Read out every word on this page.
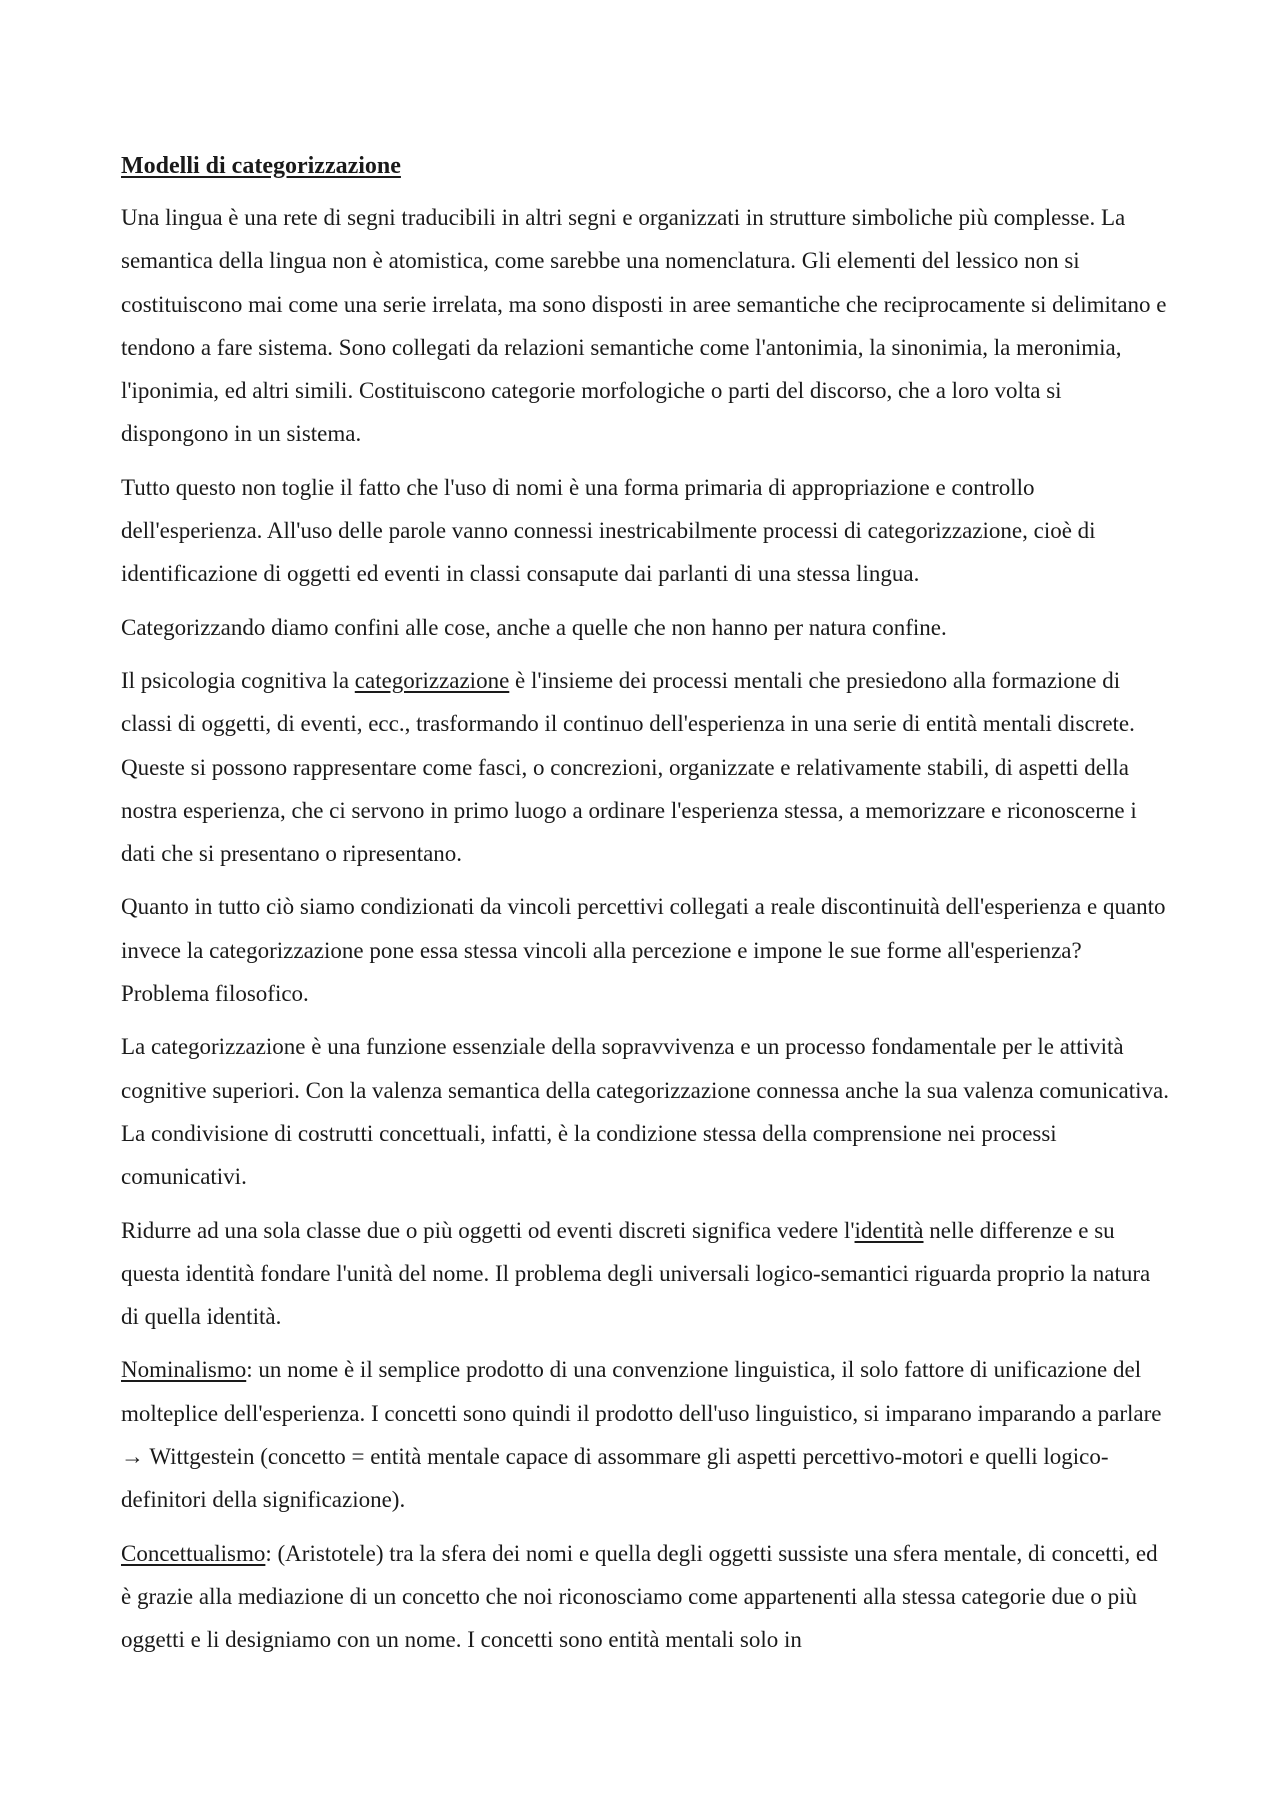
Modelli di categorizzazione

Una lingua è una rete di segni traducibili in altri segni e organizzati in strutture simboliche più complesse. La semantica della lingua non è atomistica, come sarebbe una nomenclatura. Gli elementi del lessico non si costituiscono mai come una serie irrelata, ma sono disposti in aree semantiche che reciprocamente si delimitano e tendono a fare sistema. Sono collegati da relazioni semantiche come l'antonimia, la sinonimia, la meronimia, l'iponimia, ed altri simili. Costituiscono categorie morfologiche o parti del discorso, che a loro volta si dispongono in un sistema.

Tutto questo non toglie il fatto che l'uso di nomi è una forma primaria di appropriazione e controllo dell'esperienza. All'uso delle parole vanno connessi inestricabilmente processi di categorizzazione, cioè di identificazione di oggetti ed eventi in classi consapute dai parlanti di una stessa lingua.

Categorizzando diamo confini alle cose, anche a quelle che non hanno per natura confine.

Il psicologia cognitiva la categorizzazione è l'insieme dei processi mentali che presiedono alla formazione di classi di oggetti, di eventi, ecc., trasformando il continuo dell'esperienza in una serie di entità mentali discrete. Queste si possono rappresentare come fasci, o concrezioni, organizzate e relativamente stabili, di aspetti della nostra esperienza, che ci servono in primo luogo a ordinare l'esperienza stessa, a memorizzare e riconoscerne i dati che si presentano o ripresentano.

Quanto in tutto ciò siamo condizionati da vincoli percettivi collegati a reale discontinuità dell'esperienza e quanto invece la categorizzazione pone essa stessa vincoli alla percezione e impone le sue forme all'esperienza? Problema filosofico.

La categorizzazione è una funzione essenziale della sopravvivenza e un processo fondamentale per le attività cognitive superiori. Con la valenza semantica della categorizzazione connessa anche la sua valenza comunicativa. La condivisione di costrutti concettuali, infatti, è la condizione stessa della comprensione nei processi comunicativi.

Ridurre ad una sola classe due o più oggetti od eventi discreti significa vedere l'identità nelle differenze e su questa identità fondare l'unità del nome. Il problema degli universali logico-semantici riguarda proprio la natura di quella identità.

Nominalismo: un nome è il semplice prodotto di una convenzione linguistica, il solo fattore di unificazione del molteplice dell'esperienza. I concetti sono quindi il prodotto dell'uso linguistico, si imparano imparando a parlare → Wittgestein (concetto = entità mentale capace di assommare gli aspetti percettivo-motori e quelli logico-definitori della significazione).

Concettualismo: (Aristotele) tra la sfera dei nomi e quella degli oggetti sussiste una sfera mentale, di concetti, ed è grazie alla mediazione di un concetto che noi riconosciamo come appartenenti alla stessa categorie due o più oggetti e li designiamo con un nome. I concetti sono entità mentali solo in
